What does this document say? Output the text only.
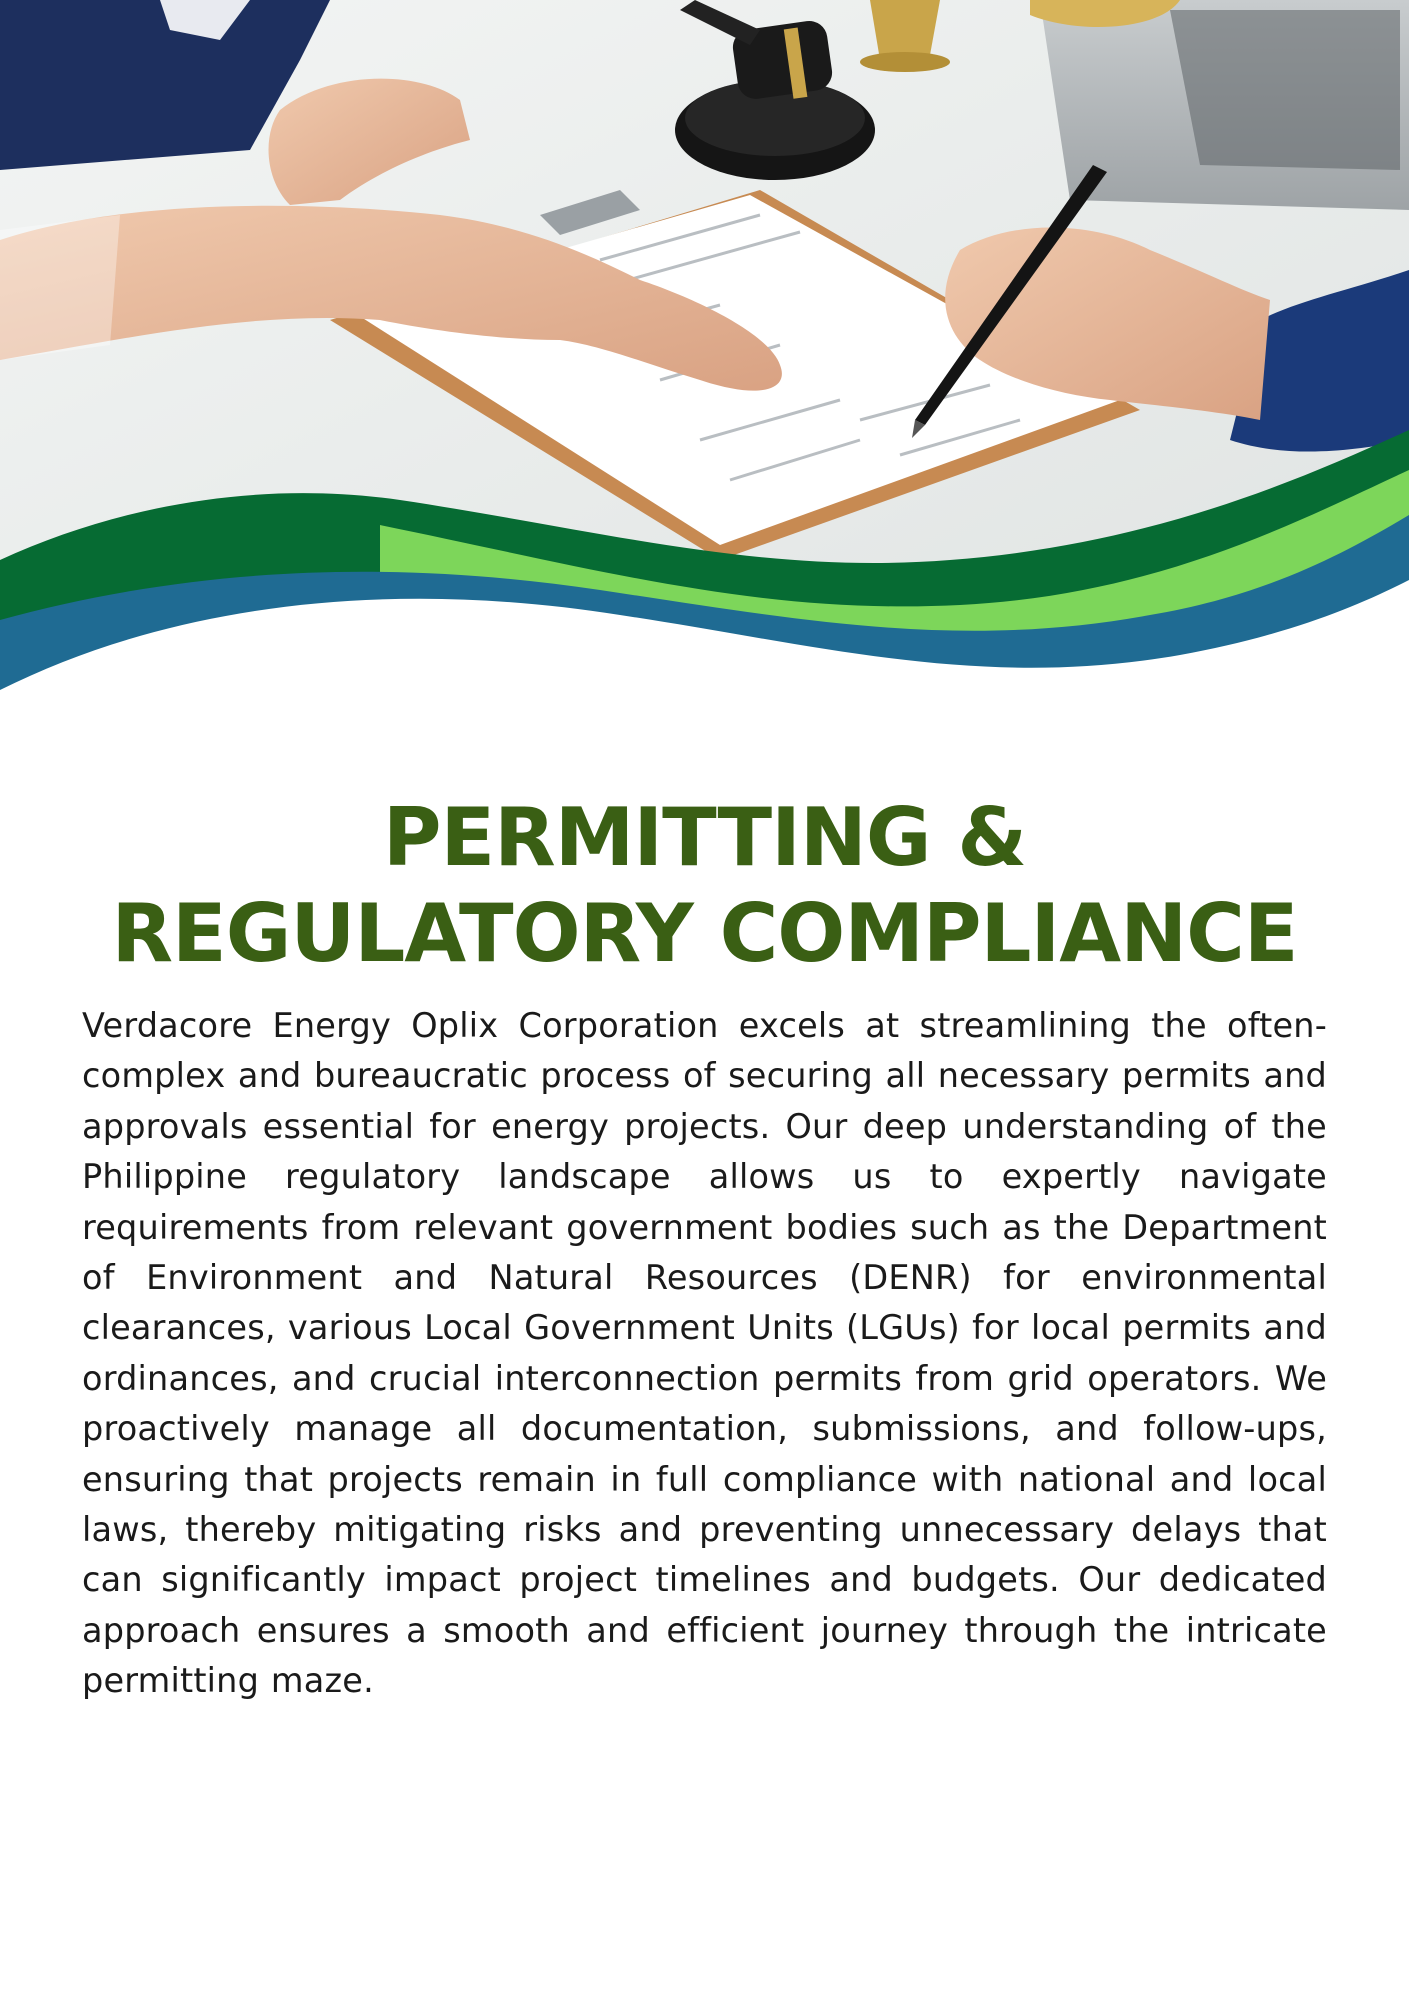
PERMITTING &
REGULATORY COMPLIANCE

Verdacore Energy Oplix Corporation excels at streamlining the often-complex and bureaucratic process of securing all necessary permits and approvals essential for energy projects. Our deep understanding of the Philippine regulatory landscape allows us to expertly navigate requirements from relevant government bodies such as the Department of Environment and Natural Resources (DENR) for environmental clearances, various Local Government Units (LGUs) for local permits and ordinances, and crucial interconnection permits from grid operators. We proactively manage all documentation, submissions, and follow-ups, ensuring that projects remain in full compliance with national and local laws, thereby mitigating risks and preventing unnecessary delays that can significantly impact project timelines and budgets. Our dedicated approach ensures a smooth and efficient journey through the intricate permitting maze.
